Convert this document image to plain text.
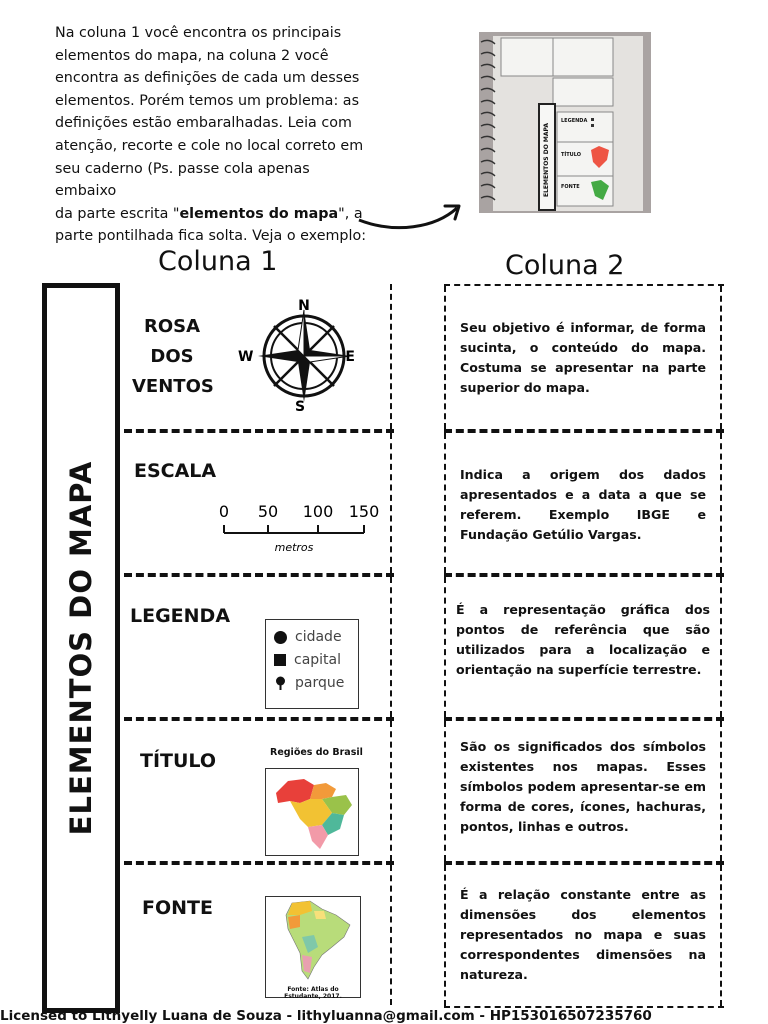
Na coluna 1 você encontra os principais
elementos do mapa, na coluna 2 você
encontra as definições de cada um desses
elementos. Porém temos um problema: as
definições estão embaralhadas. Leia com
atenção, recorte e cole no local correto em
seu caderno (Ps. passe cola apenas embaixo
da parte escrita "elementos do mapa", a
parte pontilhada fica solta. Veja o exemplo:
ELEMENTOS DO MAPA
LEGENDA
TÍTULO
FONTE
Coluna 1	Coluna 2
ELEMENTOS DO MAPA
ROSA
DOS
VENTOS
N
S
E
W
ESCALA
0 50 100 150
metros
LEGENDA
cidade
capital
parque
TÍTULO	Regiões do Brasil
FONTE
Fonte: Atlas do Estudante, 2017.
Seu objetivo é informar, de forma sucinta, o conteúdo do mapa. Costuma se apresentar na parte superior do mapa.
Indica a origem dos dados apresentados e a data a que se referem. Exemplo IBGE e Fundação Getúlio Vargas.
É a representação gráfica dos pontos de referência que são utilizados para a localização e orientação na superfície terrestre.
São os significados dos símbolos existentes nos mapas. Esses símbolos podem apresentar-se em forma de cores, ícones, hachuras, pontos, linhas e outros.
É a relação constante entre as dimensões dos elementos representados no mapa e suas correspondentes dimensões na natureza.
Licensed to Lithyelly Luana de Souza - lithyluanna@gmail.com - HP153016507235760
